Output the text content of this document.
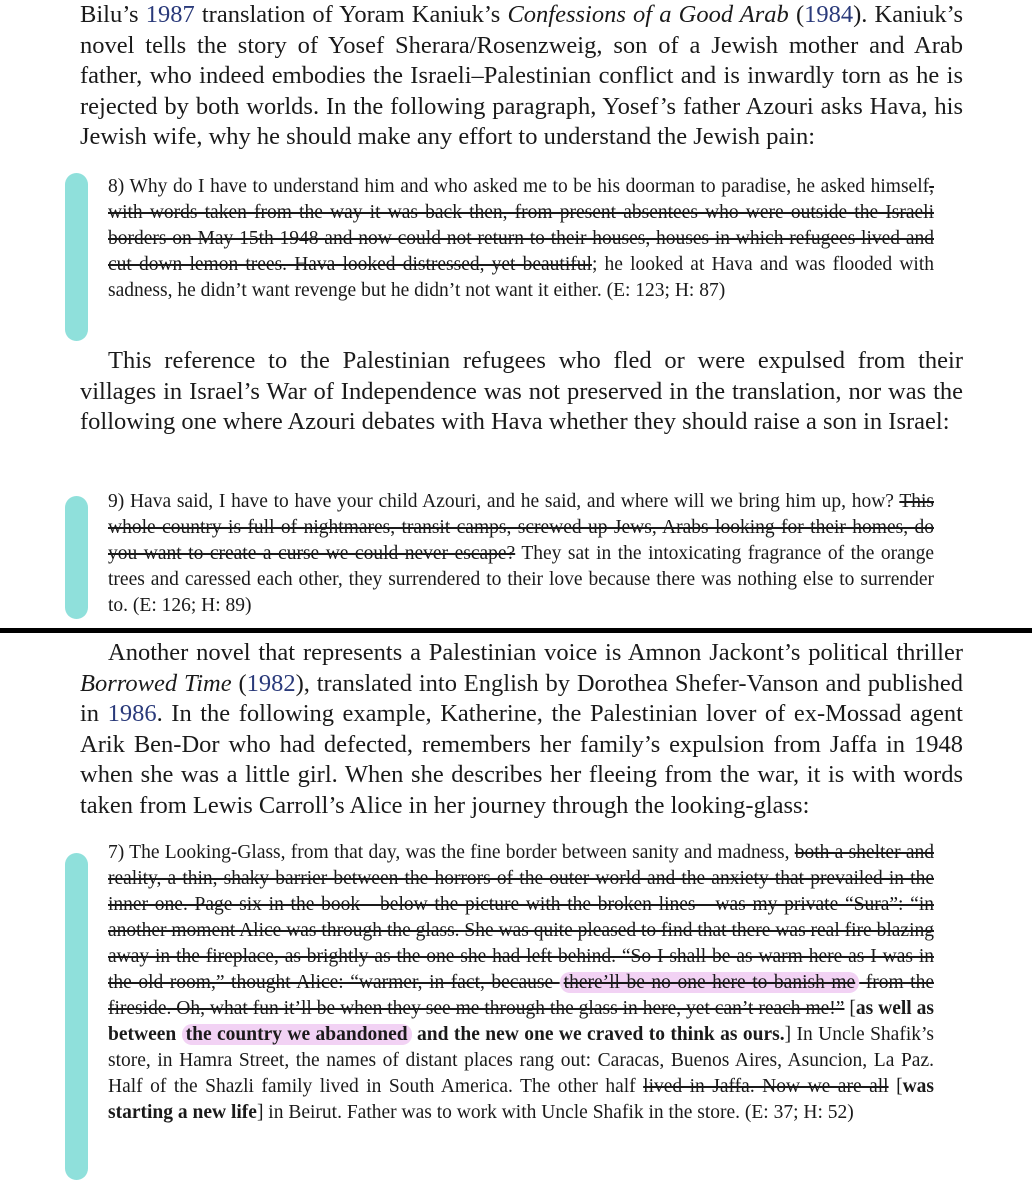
Bilu’s 1987 translation of Yoram Kaniuk’s Confessions of a Good Arab (1984). Kaniuk’s novel tells the story of Yosef Sherara/Rosenzweig, son of a Jewish mother and Arab father, who indeed embodies the Israeli–Palestinian conflict and is inwardly torn as he is rejected by both worlds. In the following paragraph, Yosef’s father Azouri asks Hava, his Jewish wife, why he should make any effort to understand the Jewish pain:

8) Why do I have to understand him and who asked me to be his doorman to paradise, he asked himself, with words taken from the way it was back then, from present absentees who were outside the Israeli borders on May 15th 1948 and now could not return to their houses, houses in which refugees lived and cut down lemon trees. Hava looked distressed, yet beautiful; he looked at Hava and was flooded with sadness, he didn’t want revenge but he didn’t not want it either. (E: 123; H: 87)

This reference to the Palestinian refugees who fled or were expulsed from their villages in Israel’s War of Independence was not preserved in the translation, nor was the following one where Azouri debates with Hava whether they should raise a son in Israel:

9) Hava said, I have to have your child Azouri, and he said, and where will we bring him up, how? This whole country is full of nightmares, transit camps, screwed up Jews, Arabs looking for their homes, do you want to create a curse we could never escape? They sat in the intoxicating fragrance of the orange trees and caressed each other, they surrendered to their love because there was nothing else to surrender to. (E: 126; H: 89)

Another novel that represents a Palestinian voice is Amnon Jackont’s political thriller Borrowed Time (1982), translated into English by Dorothea Shefer-Vanson and published in 1986. In the following example, Katherine, the Palestinian lover of ex-Mossad agent Arik Ben-Dor who had defected, remembers her family’s expulsion from Jaffa in 1948 when she was a little girl. When she describes her fleeing from the war, it is with words taken from Lewis Carroll’s Alice in her journey through the looking-glass:

7) The Looking-Glass, from that day, was the fine border between sanity and madness, both a shelter and reality, a thin, shaky barrier between the horrors of the outer world and the anxiety that prevailed in the inner one. Page six in the book - below the picture with the broken lines - was my private “Sura”: “in another moment Alice was through the glass. She was quite pleased to find that there was real fire blazing away in the fireplace, as brightly as the one she had left behind. “So I shall be as warm here as I was in the old room,” thought Alice: “warmer, in fact, because there’ll be no one here to banish me from the fireside. Oh, what fun it’ll be when they see me through the glass in here, yet can’t reach me!” [as well as between the country we abandoned and the new one we craved to think as ours.] In Uncle Shafik’s store, in Hamra Street, the names of distant places rang out: Caracas, Buenos Aires, Asuncion, La Paz. Half of the Shazli family lived in South America. The other half lived in Jaffa. Now we are all [was starting a new life] in Beirut. Father was to work with Uncle Shafik in the store. (E: 37; H: 52)
